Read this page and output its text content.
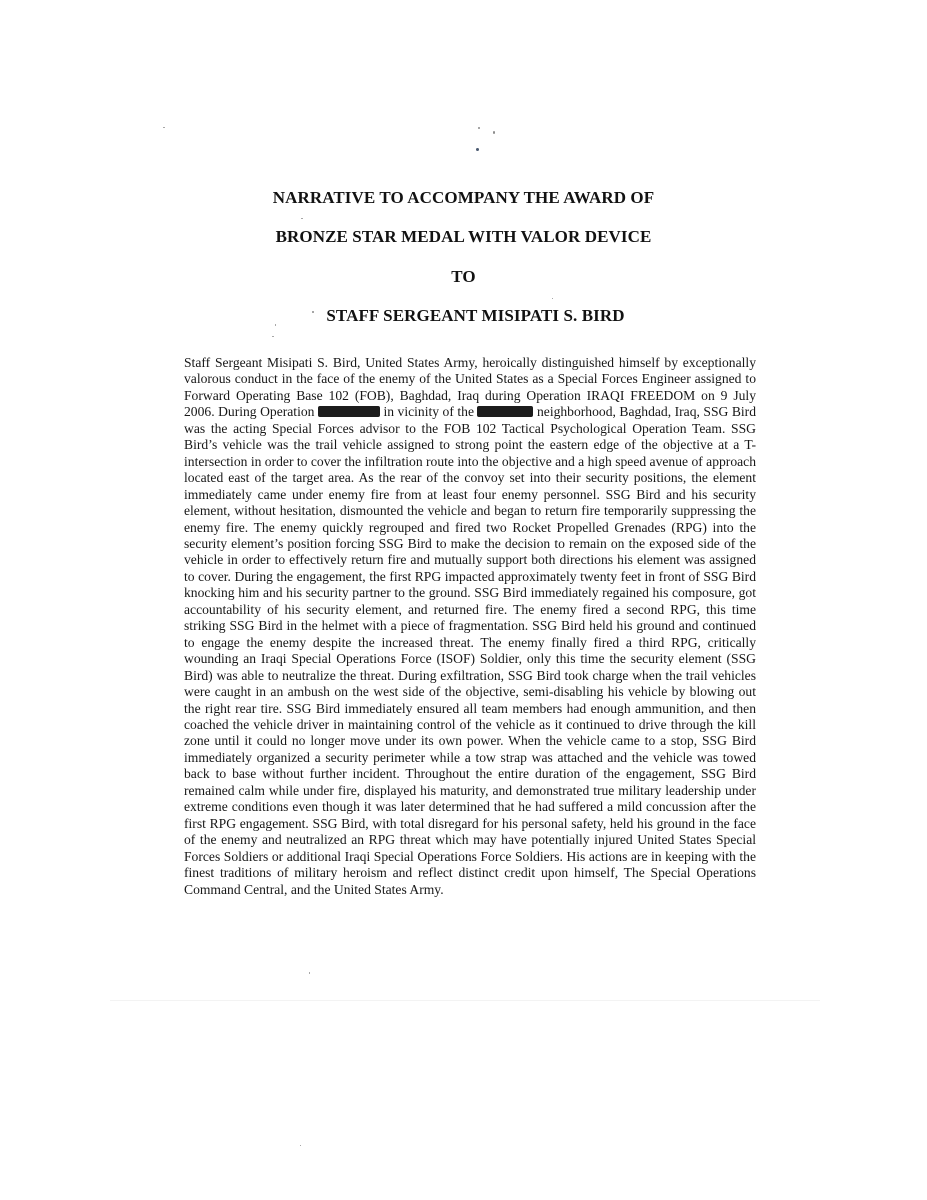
NARRATIVE TO ACCOMPANY THE AWARD OF
BRONZE STAR MEDAL WITH VALOR DEVICE
TO
STAFF SERGEANT MISIPATI S. BIRD
Staff Sergeant Misipati S. Bird, United States Army, heroically distinguished himself by exceptionally valorous conduct in the face of the enemy of the United States as a Special Forces Engineer assigned to Forward Operating Base 102 (FOB), Baghdad, Iraq during Operation IRAQI FREEDOM on 9 July 2006. During Operation	in vicinity of the	neighborhood, Baghdad, Iraq, SSG Bird was the acting Special Forces advisor to the FOB 102 Tactical Psychological Operation Team. SSG Bird’s vehicle was the trail vehicle assigned to strong point the eastern edge of the objective at a T-intersection in order to cover the infiltration route into the objective and a high speed avenue of approach located east of the target area. As the rear of the convoy set into their security positions, the element immediately came under enemy fire from at least four enemy personnel. SSG Bird and his security element, without hesitation, dismounted the vehicle and began to return fire temporarily suppressing the enemy fire. The enemy quickly regrouped and fired two Rocket Propelled Grenades (RPG) into the security element’s position forcing SSG Bird to make the decision to remain on the exposed side of the vehicle in order to effectively return fire and mutually support both directions his element was assigned to cover. During the engagement, the first RPG impacted approximately twenty feet in front of SSG Bird knocking him and his security partner to the ground. SSG Bird immediately regained his composure, got accountability of his security element, and returned fire. The enemy fired a second RPG, this time striking SSG Bird in the helmet with a piece of fragmentation. SSG Bird held his ground and continued to engage the enemy despite the increased threat. The enemy finally fired a third RPG, critically wounding an Iraqi Special Operations Force (ISOF) Soldier, only this time the security element (SSG Bird) was able to neutralize the threat. During exfiltration, SSG Bird took charge when the trail vehicles were caught in an ambush on the west side of the objective, semi-disabling his vehicle by blowing out the right rear tire. SSG Bird immediately ensured all team members had enough ammunition, and then coached the vehicle driver in maintaining control of the vehicle as it continued to drive through the kill zone until it could no longer move under its own power. When the vehicle came to a stop, SSG Bird immediately organized a security perimeter while a tow strap was attached and the vehicle was towed back to base without further incident. Throughout the entire duration of the engagement, SSG Bird remained calm while under fire, displayed his maturity, and demonstrated true military leadership under extreme conditions even though it was later determined that he had suffered a mild concussion after the first RPG engagement. SSG Bird, with total disregard for his personal safety, held his ground in the face of the enemy and neutralized an RPG threat which may have potentially injured United States Special Forces Soldiers or additional Iraqi Special Operations Force Soldiers. His actions are in keeping with the finest traditions of military heroism and reflect distinct credit upon himself, The Special Operations Command Central, and the United States Army.
